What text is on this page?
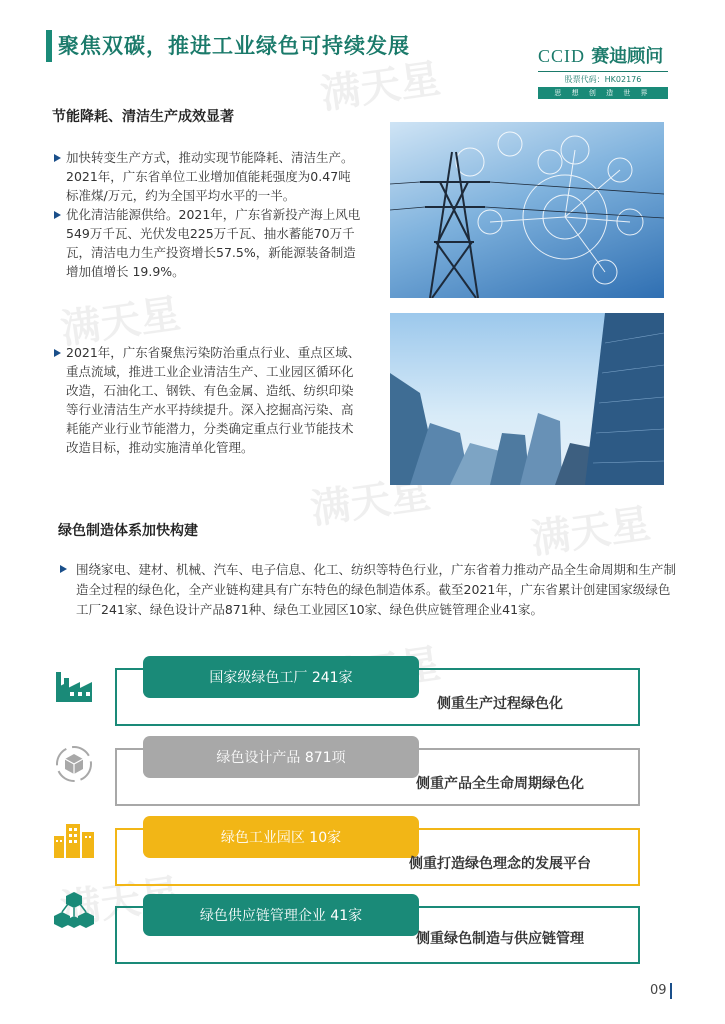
满天星
满天星
满天星 满天星
满天星
聚焦双碳，推进工业绿色可持续发展	CCID 赛迪顾问
股票代码：HK02176
思 想 创 造 世 界
节能降耗、清洁生产成效显著
加快转变生产方式，推动实现节能降耗、清洁生产。2021年，广东省单位工业增加值能耗强度为0.47吨标准煤/万元，约为全国平均水平的一半。
优化清洁能源供给。2021年，广东省新投产海上风电549万千瓦、光伏发电225万千瓦、抽水蓄能70万千瓦，清洁电力生产投资增长57.5%，新能源装备制造增加值增长 19.9%。
2021年，广东省聚焦污染防治重点行业、重点区域、重点流域，推进工业企业清洁生产、工业园区循环化改造，石油化工、钢铁、有色金属、造纸、纺织印染等行业清洁生产水平持续提升。深入挖掘高污染、高耗能产业行业节能潜力，分类确定重点行业节能技术改造目标，推动实施清单化管理。
绿色制造体系加快构建
围绕家电、建材、机械、汽车、电子信息、化工、纺织等特色行业，广东省着力推动产品全生命周期和生产制造全过程的绿色化，全产业链构建具有广东特色的绿色制造体系。截至2021年，广东省累计创建国家级绿色工厂241家、绿色设计产品871种、绿色工业园区10家、绿色供应链管理企业41家。
国家级绿色工厂 241家
侧重生产过程绿色化
绿色设计产品 871项
侧重产品全生命周期绿色化
绿色工业园区 10家
侧重打造绿色理念的发展平台
绿色供应链管理企业 41家
侧重绿色制造与供应链管理
09
